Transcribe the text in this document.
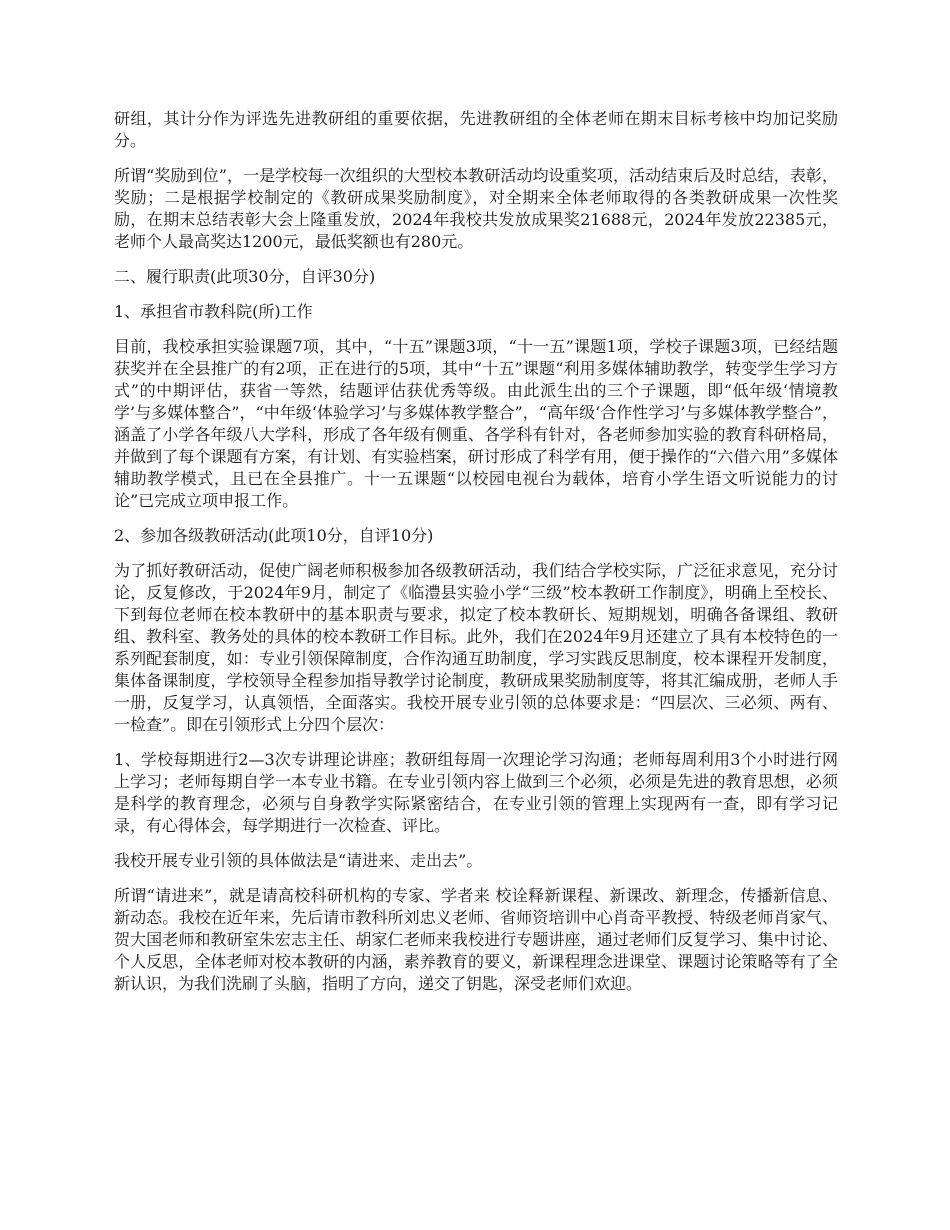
研组，其计分作为评选先进教研组的重要依据，先进教研组的全体老师在期末目标考核中均加记奖励分。

所谓“奖励到位”，一是学校每一次组织的大型校本教研活动均设重奖项，活动结束后及时总结，表彰，奖励；二是根据学校制定的《教研成果奖励制度》，对全期来全体老师取得的各类教研成果一次性奖励，在期末总结表彰大会上隆重发放，2024年我校共发放成果奖21688元，2024年发放22385元，老师个人最高奖达1200元，最低奖额也有280元。

二、履行职责(此项30分，自评30分)

1、承担省市教科院(所)工作

目前，我校承担实验课题7项，其中，“十五”课题3项，“十一五”课题1项，学校子课题3项，已经结题获奖并在全县推广的有2项，正在进行的5项，其中“十五”课题“利用多媒体辅助教学，转变学生学习方式”的中期评估，获省一等然，结题评估获优秀等级。由此派生出的三个子课题，即“低年级‘情境教学’与多媒体整合”，“中年级‘体验学习’与多媒体教学整合”，“高年级‘合作性学习’与多媒体教学整合”，涵盖了小学各年级八大学科，形成了各年级有侧重、各学科有针对，各老师参加实验的教育科研格局，并做到了每个课题有方案，有计划、有实验档案，研讨形成了科学有用，便于操作的“六借六用”多媒体辅助教学模式，且已在全县推广。十一五课题“以校园电视台为载体，培育小学生语文听说能力的讨论”已完成立项申报工作。

2、参加各级教研活动(此项10分，自评10分)

为了抓好教研活动，促使广阔老师积极参加各级教研活动，我们结合学校实际，广泛征求意见，充分讨论，反复修改，于2024年9月，制定了《临澧县实验小学“三级”校本教研工作制度》，明确上至校长、下到每位老师在校本教研中的基本职责与要求，拟定了校本教研长、短期规划，明确各备课组、教研组、教科室、教务处的具体的校本教研工作目标。此外，我们在2024年9月还建立了具有本校特色的一系列配套制度，如：专业引领保障制度，合作沟通互助制度，学习实践反思制度，校本课程开发制度，集体备课制度，学校领导全程参加指导教学讨论制度，教研成果奖励制度等，将其汇编成册，老师人手一册，反复学习，认真领悟，全面落实。我校开展专业引领的总体要求是：“四层次、三必须、两有、一检查”。即在引领形式上分四个层次：

1、学校每期进行2—3次专讲理论讲座；教研组每周一次理论学习沟通；老师每周利用3个小时进行网上学习；老师每期自学一本专业书籍。在专业引领内容上做到三个必须，必须是先进的教育思想，必须是科学的教育理念，必须与自身教学实际紧密结合，在专业引领的管理上实现两有一查，即有学习记录，有心得体会，每学期进行一次检查、评比。

我校开展专业引领的具体做法是“请进来、走出去”。

所谓“请进来”，就是请高校科研机构的专家、学者来 校诠释新课程、新课改、新理念，传播新信息、新动态。我校在近年来，先后请市教科所刘忠义老师、省师资培训中心肖奇平教授、特级老师肖家气、贺大国老师和教研室朱宏志主任、胡家仁老师来我校进行专题讲座，通过老师们反复学习、集中讨论、个人反思，全体老师对校本教研的内涵，素养教育的要义，新课程理念进课堂、课题讨论策略等有了全新认识，为我们洗刷了头脑，指明了方向，递交了钥匙，深受老师们欢迎。
